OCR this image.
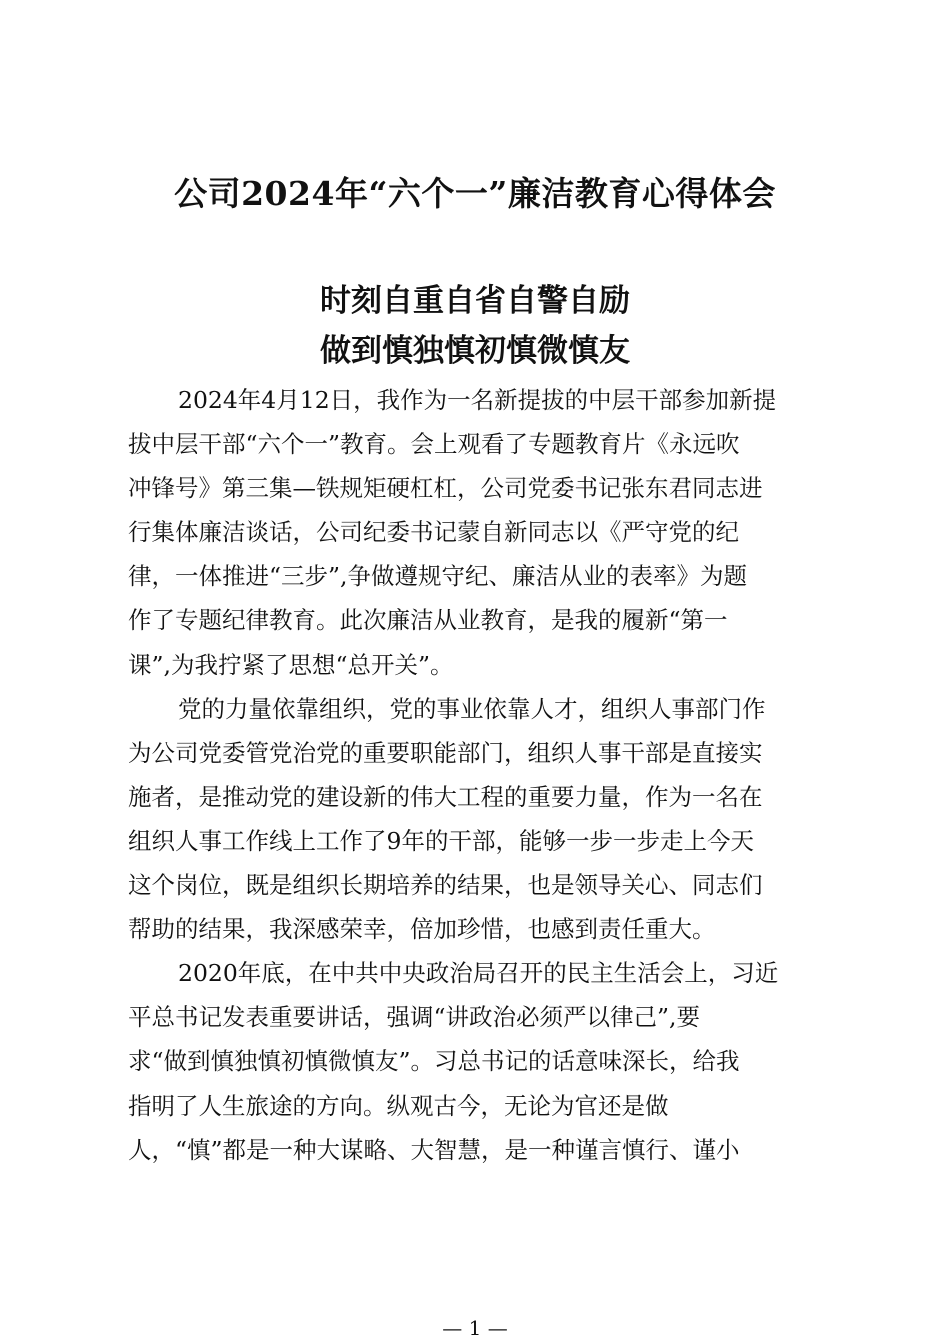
公司2024年“六个一”廉洁教育心得体会
时刻自重自省自警自励
做到慎独慎初慎微慎友
2024年4月12日，我作为一名新提拔的中层干部参加新提
拔中层干部“六个一”教育。会上观看了专题教育片《永远吹
冲锋号》第三集—铁规矩硬杠杠，公司党委书记张东君同志进
行集体廉洁谈话，公司纪委书记蒙自新同志以《严守党的纪
律，一体推进“三步”,争做遵规守纪、廉洁从业的表率》为题
作了专题纪律教育。此次廉洁从业教育，是我的履新“第一
课”,为我拧紧了思想“总开关”。
党的力量依靠组织，党的事业依靠人才，组织人事部门作
为公司党委管党治党的重要职能部门，组织人事干部是直接实
施者，是推动党的建设新的伟大工程的重要力量，作为一名在
组织人事工作线上工作了9年的干部，能够一步一步走上今天
这个岗位，既是组织长期培养的结果，也是领导关心、同志们
帮助的结果，我深感荣幸，倍加珍惜，也感到责任重大。
2020年底，在中共中央政治局召开的民主生活会上，习近
平总书记发表重要讲话，强调“讲政治必须严以律己”,要
求“做到慎独慎初慎微慎友”。习总书记的话意味深长，给我
指明了人生旅途的方向。纵观古今，无论为官还是做
人，“慎”都是一种大谋略、大智慧，是一种谨言慎行、谨小
— 1 —
